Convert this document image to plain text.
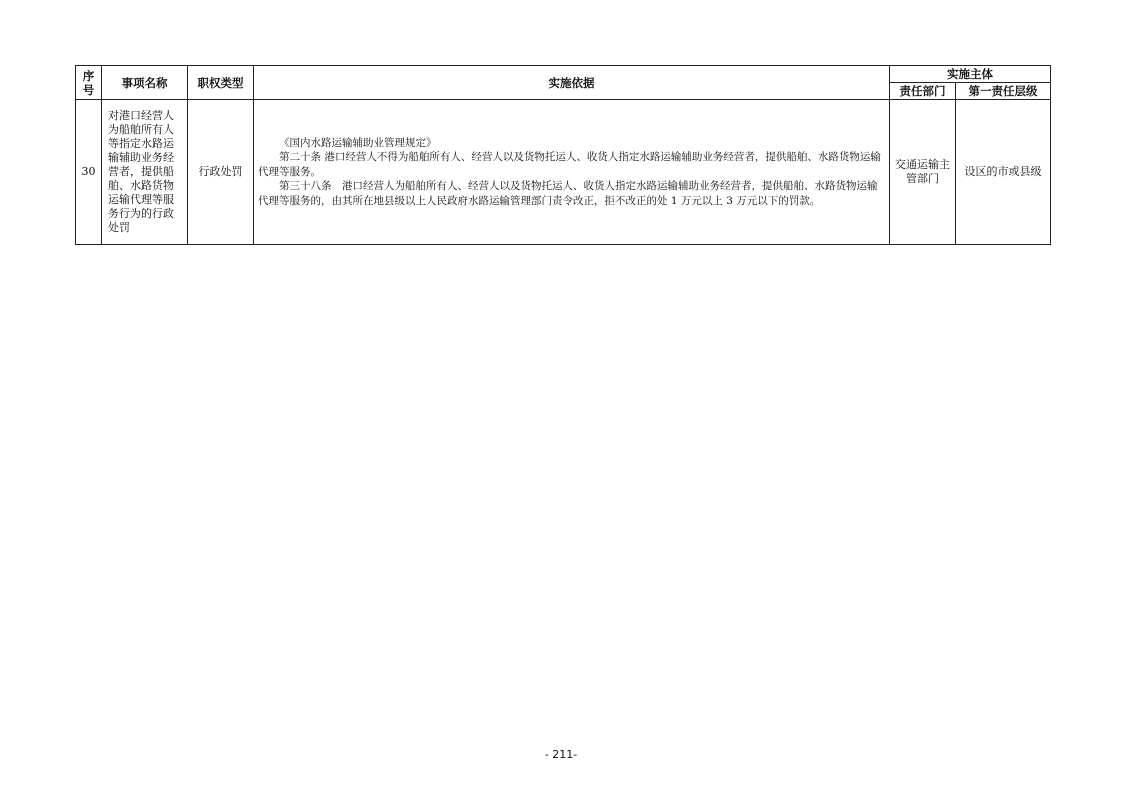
序
号	事项名称	职权类型	实施依据	实施主体	
				责任部门	第一责任层级
30	对港口经营人为船舶所有人等指定水路运输辅助业务经营者，提供船舶、水路货物运输代理等服务行为的行政处罚	行政处罚	《国内水路运输辅助业管理规定》

第二十条 港口经营人不得为船舶所有人、经营人以及货物托运人、收货人指定水路运输辅助业务经营者，提供船舶、水路货物运输代理等服务。

第三十八条　港口经营人为船舶所有人、经营人以及货物托运人、收货人指定水路运输辅助业务经营者，提供船舶、水路货物运输代理等服务的，由其所在地县级以上人民政府水路运输管理部门责令改正，拒不改正的处 1 万元以上 3 万元以下的罚款。	交通运输主管部门	设区的市或县级
- 211-
